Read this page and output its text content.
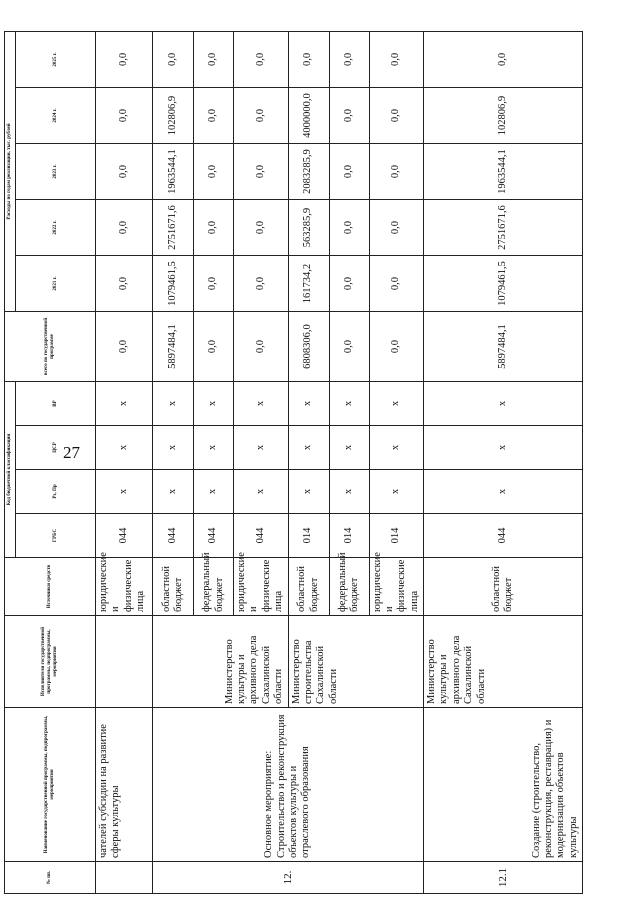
27
№ пп.	Наименование государственной программы, подпрограммы, мероприятия	Исполнители государственной программы, подпрограммы, мероприятия	Источники средств	Код бюджетной классификации				всего по государственной программе	Расходы по годам реализации, тыс. рублей				
				ГРБС	Рз, Пр	ЦСР	ВР		2021 г.	2022 г.	2023 г.	2024 г.	2025 г.
	чателей субсидии на развитие сферы культуры		юридические и физические лица	044	х	х	х	0,0	0,0	0,0	0,0	0,0	0,0
12.	Основное мероприятие: Строительство и реконструкция объектов культуры и отраслевого образования	Министерство культуры и архивного дела Сахалинской области	областной бюджет	044	х	х	х	5897484,1	1079461,5	2751671,6	1963544,1	102806,9	0,0
			федеральный бюджет	044	х	х	х	0,0	0,0	0,0	0,0	0,0	0,0
			юридические и физические лица	044	х	х	х	0,0	0,0	0,0	0,0	0,0	0,0
		Министерство строительства Сахалинской области	областной бюджет	014	х	х	х	6808306,0	161734,2	563285,9	2083285,9	4000000,0	0,0
			федеральный бюджет	014	х	х	х	0,0	0,0	0,0	0,0	0,0	0,0
			юридические и физические лица	014	х	х	х	0,0	0,0	0,0	0,0	0,0	0,0
12.1	Создание (строительство, реконструкция, реставрация) и модернизация объектов культуры	Министерство культуры и архивного дела Сахалинской области	областной бюджет	044	х	х	х	5897484,1	1079461,5	2751671,6	1963544,1	102806,9	0,0
